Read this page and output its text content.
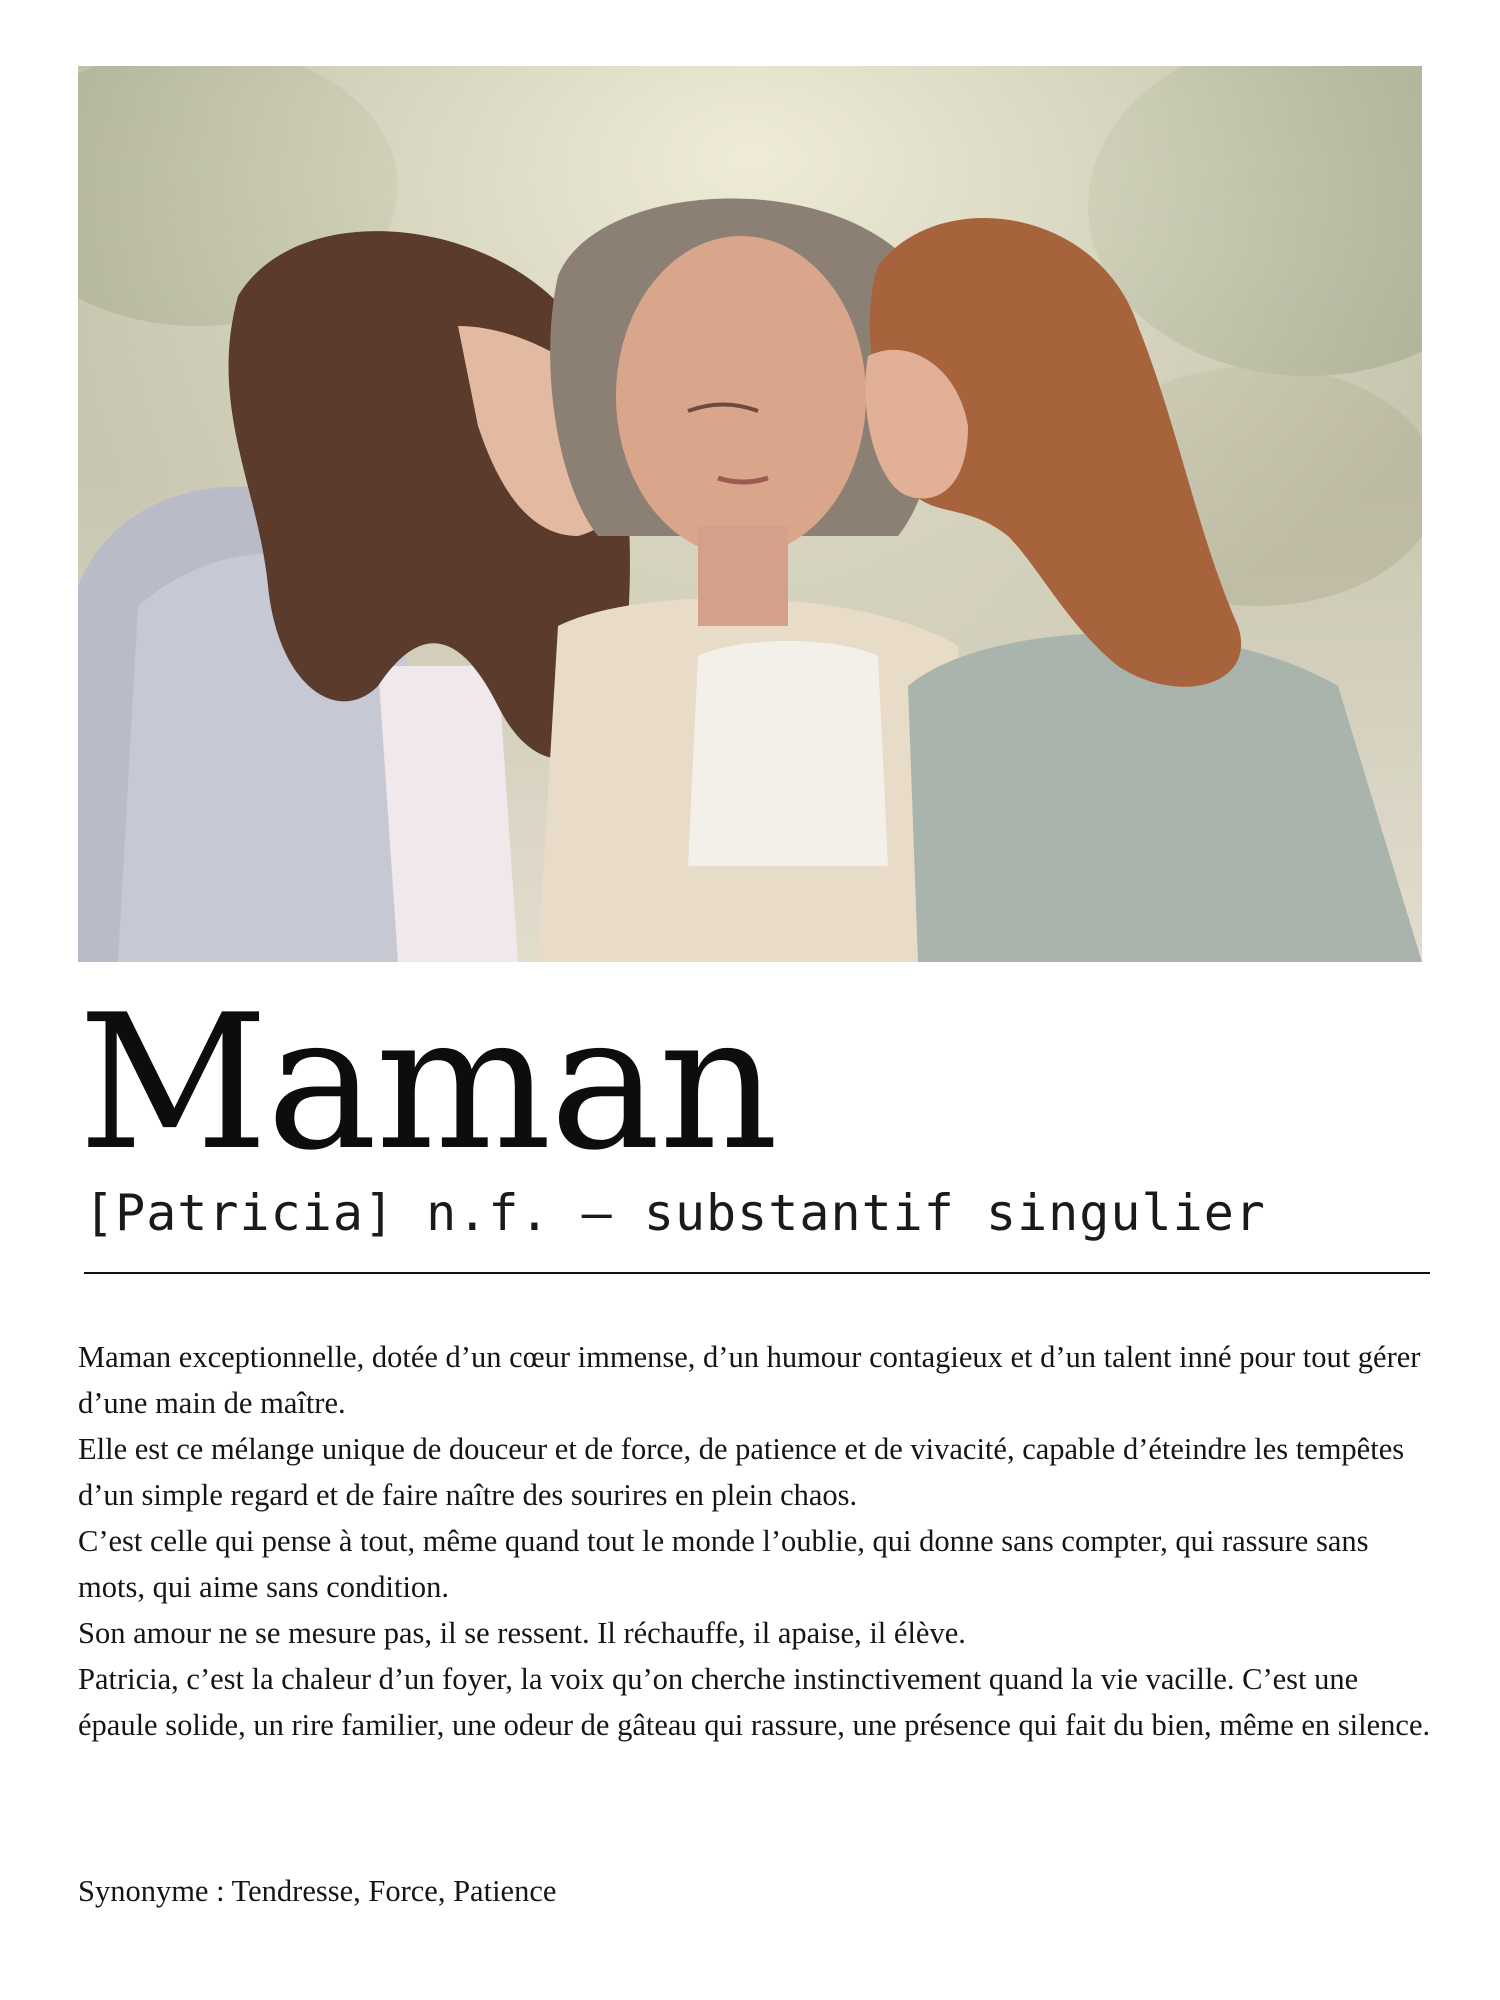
Maman
[Patricia] n.f. — substantif singulier

Maman exceptionnelle, dotée d’un cœur immense, d’un humour contagieux et d’un talent inné pour tout gérer d’une main de maître.

Elle est ce mélange unique de douceur et de force, de patience et de vivacité, capable d’éteindre les tempêtes d’un simple regard et de faire naître des sourires en plein chaos.

C’est celle qui pense à tout, même quand tout le monde l’oublie, qui donne sans compter, qui rassure sans mots, qui aime sans condition.

Son amour ne se mesure pas, il se ressent. Il réchauffe, il apaise, il élève.

Patricia, c’est la chaleur d’un foyer, la voix qu’on cherche instinctivement quand la vie vacille. C’est une épaule solide, un rire familier, une odeur de gâteau qui rassure, une présence qui fait du bien, même en silence.

Synonyme : Tendresse, Force, Patience
